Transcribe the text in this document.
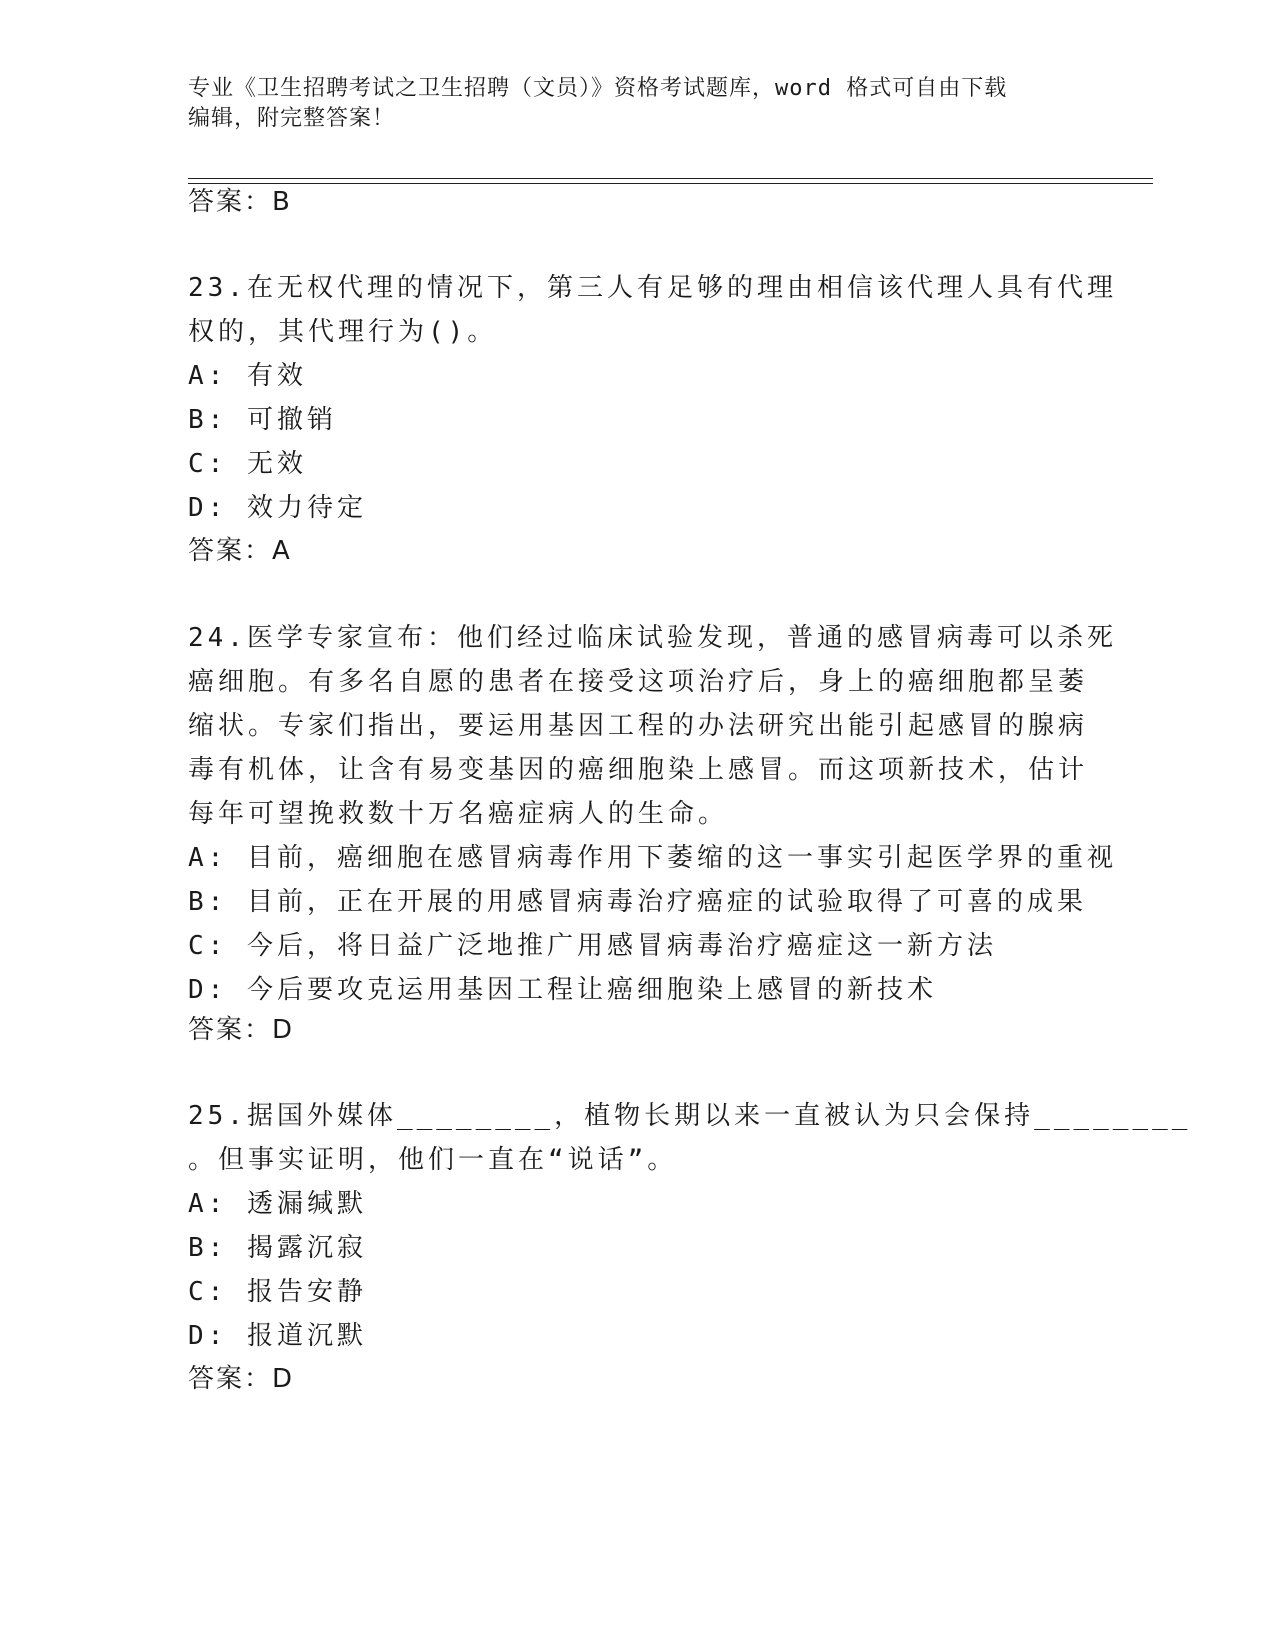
专业《卫生招聘考试之卫生招聘（文员）》资格考试题库，word 格式可自由下载
编辑，附完整答案！
答案：B
23.在无权代理的情况下，第三人有足够的理由相信该代理人具有代理
权的，其代理行为()。
A: 有效
B: 可撤销
C: 无效
D: 效力待定
答案：A
24.医学专家宣布：他们经过临床试验发现，普通的感冒病毒可以杀死
癌细胞。有多名自愿的患者在接受这项治疗后，身上的癌细胞都呈萎
缩状。专家们指出，要运用基因工程的办法研究出能引起感冒的腺病
毒有机体，让含有易变基因的癌细胞染上感冒。而这项新技术，估计
每年可望挽救数十万名癌症病人的生命。
A: 目前，癌细胞在感冒病毒作用下萎缩的这一事实引起医学界的重视
B: 目前，正在开展的用感冒病毒治疗癌症的试验取得了可喜的成果
C: 今后，将日益广泛地推广用感冒病毒治疗癌症这一新方法
D: 今后要攻克运用基因工程让癌细胞染上感冒的新技术
答案：D
25.据国外媒体________，植物长期以来一直被认为只会保持________
。但事实证明，他们一直在“说话”。
A: 透漏缄默
B: 揭露沉寂
C: 报告安静
D: 报道沉默
答案：D
